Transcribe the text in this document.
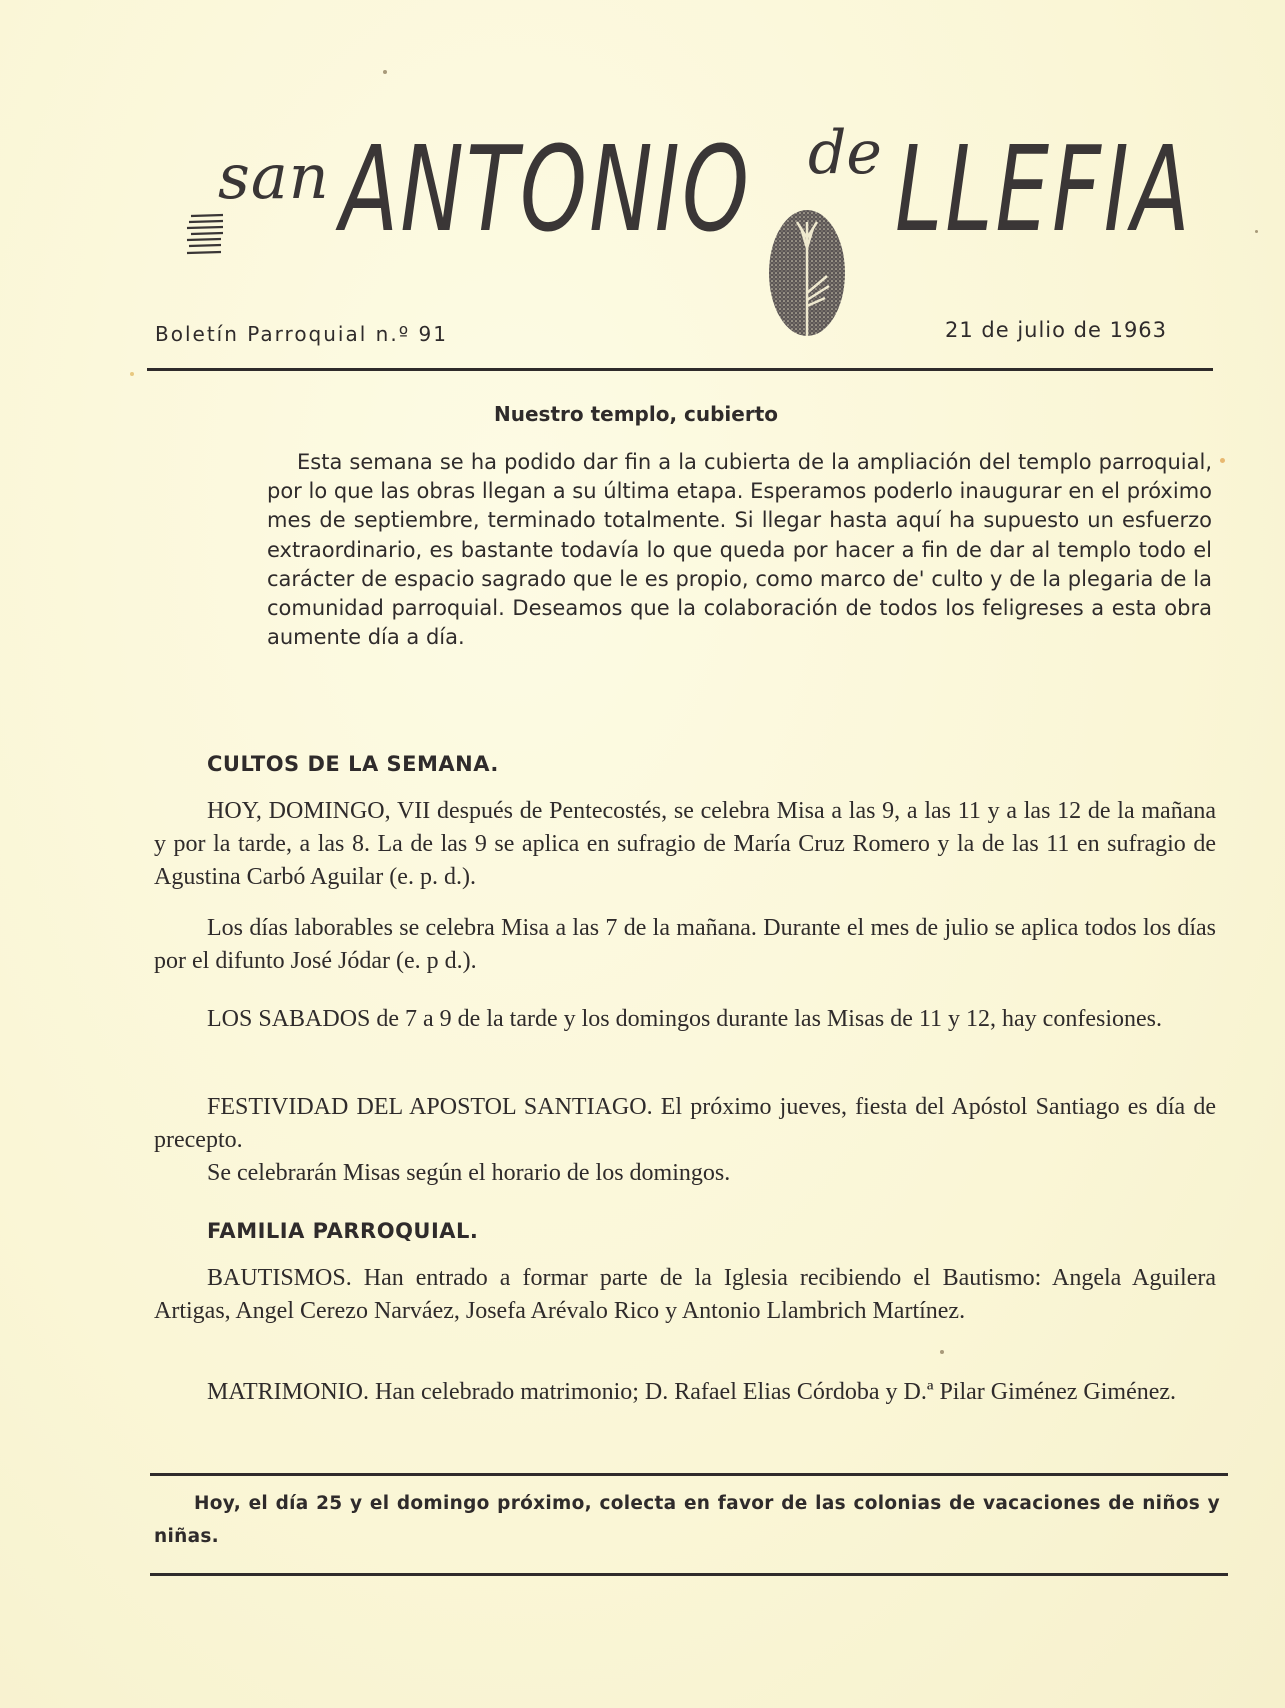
san ANTONIO de LLEFIA
Boletín Parroquial n.º 91	21 de julio de 1963
Nuestro templo, cubierto

Esta semana se ha podido dar fin a la cubierta de la ampliación del templo parroquial, por lo que las obras llegan a su última etapa. Esperamos poderlo inaugurar en el próximo mes de septiembre, terminado totalmente. Si llegar hasta aquí ha supuesto un esfuerzo extraordinario, es bastante todavía lo que queda por hacer a fin de dar al templo todo el carácter de espacio sagrado que le es propio, como marco de' culto y de la plegaria de la comunidad parroquial. Deseamos que la colaboración de todos los feligreses a esta obra aumente día a día.

CULTOS DE LA SEMANA.

HOY, DOMINGO, VII después de Pentecostés, se celebra Misa a las 9, a las 11 y a las 12 de la mañana y por la tarde, a las 8. La de las 9 se aplica en sufragio de María Cruz Romero y la de las 11 en sufragio de Agustina Carbó Aguilar (e. p. d.).

Los días laborables se celebra Misa a las 7 de la mañana. Durante el mes de julio se aplica todos los días por el difunto José Jódar (e. p d.).

LOS SABADOS de 7 a 9 de la tarde y los domingos durante las Misas de 11 y 12, hay confesiones.

FESTIVIDAD DEL APOSTOL SANTIAGO. El próximo jueves, fiesta del Apóstol Santiago es día de precepto.

Se celebrarán Misas según el horario de los domingos.

FAMILIA PARROQUIAL.

BAUTISMOS. Han entrado a formar parte de la Iglesia recibiendo el Bautismo: Angela Aguilera Artigas, Angel Cerezo Narváez, Josefa Arévalo Rico y Antonio Llambrich Martínez.

MATRIMONIO. Han celebrado matrimonio; D. Rafael Elias Córdoba y D.ª Pilar Giménez Giménez.

Hoy, el día 25 y el domingo próximo, colecta en favor de las colonias de vacaciones de niños y niñas.
